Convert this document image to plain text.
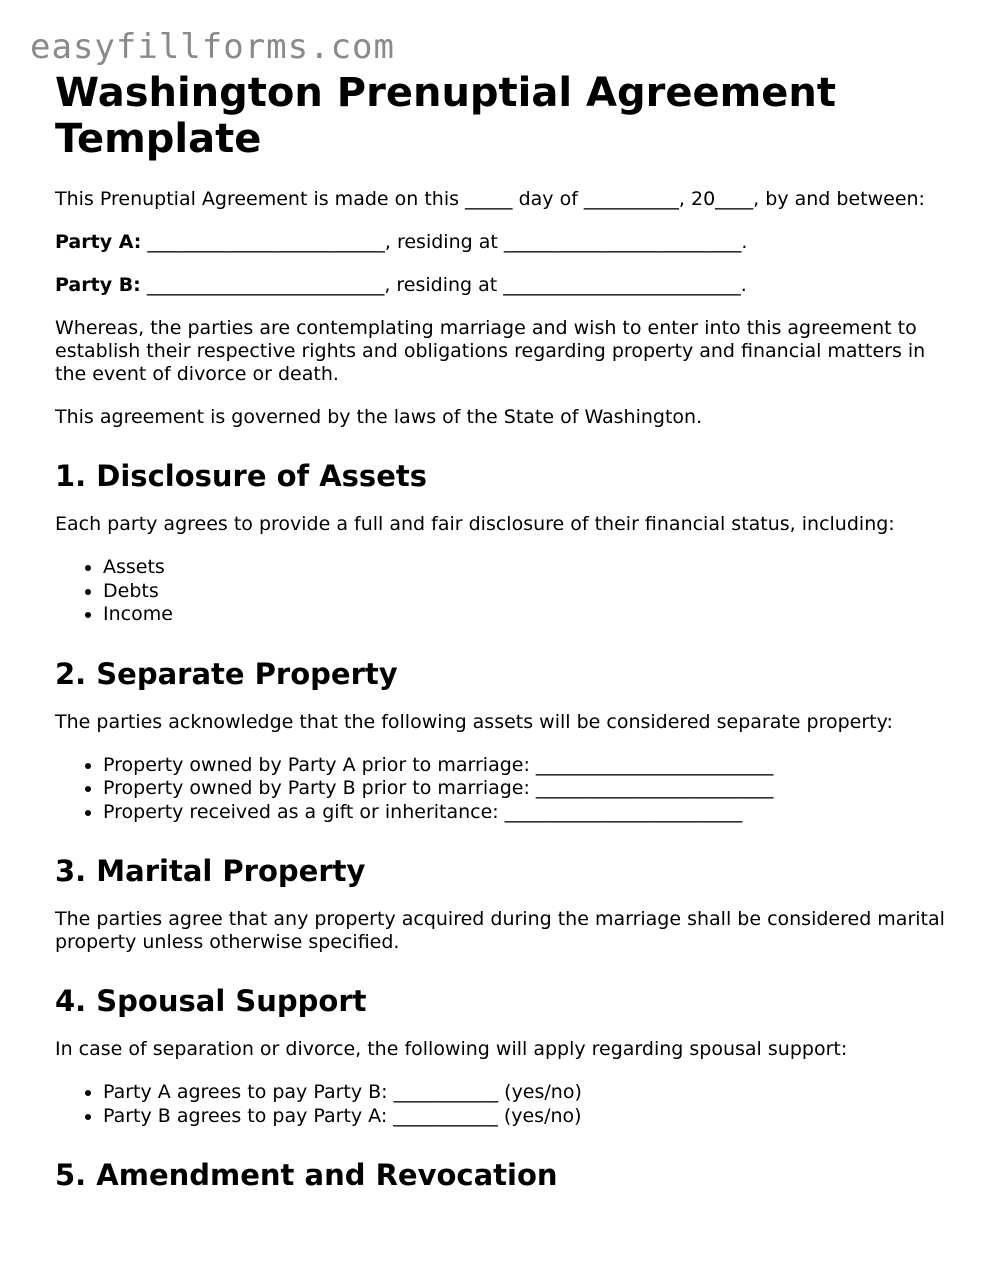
easyfillforms.com
Washington Prenuptial Agreement Template

This Prenuptial Agreement is made on this _____ day of __________, 20____, by and between:

Party A: _________________________, residing at _________________________.

Party B: _________________________, residing at _________________________.

Whereas, the parties are contemplating marriage and wish to enter into this agreement to establish their respective rights and obligations regarding property and financial matters in the event of divorce or death.

This agreement is governed by the laws of the State of Washington.

1. Disclosure of Assets

Each party agrees to provide a full and fair disclosure of their financial status, including:

• Assets
• Debts
• Income
2. Separate Property

The parties acknowledge that the following assets will be considered separate property:

• Property owned by Party A prior to marriage: _________________________
• Property owned by Party B prior to marriage: _________________________
• Property received as a gift or inheritance: _________________________
3. Marital Property

The parties agree that any property acquired during the marriage shall be considered marital property unless otherwise specified.

4. Spousal Support

In case of separation or divorce, the following will apply regarding spousal support:

• Party A agrees to pay Party B: ___________ (yes/no)
• Party B agrees to pay Party A: ___________ (yes/no)
5. Amendment and Revocation
